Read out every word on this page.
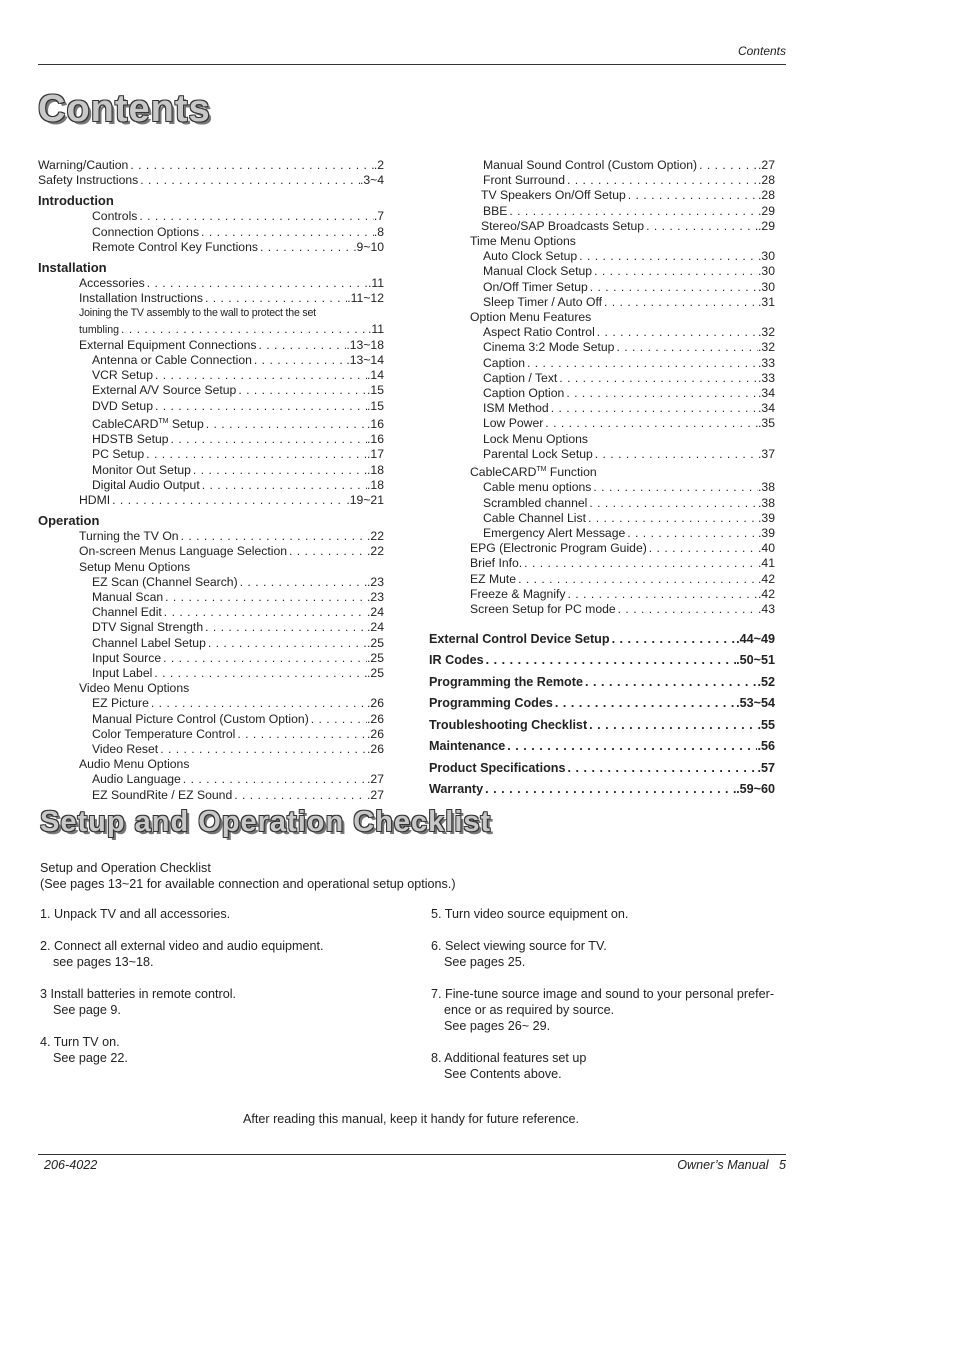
Contents
Contents
Warning/Caution . . .	.2
Safety Instructions . . .	.3~4
Introduction
Controls . . .	.7
Connection Options . . .	.8
Remote Control Key Functions . . .	9~10
Installation
Accessories . . .	.11
Installation Instructions . . .	.11~12
Joining the TV assembly to the wall to protect the set
tumbling . . .	.11
External Equipment Connections . . .	.13~18
Antenna or Cable Connection . . .	.13~14
VCR Setup . . .	.14
External A/V Source Setup . . .	.15
DVD Setup . . .	.15
CableCARD™ Setup . . .	.16
HDSTB Setup . . .	.16
PC Setup . . .	.17
Monitor Out Setup . . .	.18
Digital Audio Output . . .	.18
HDMI . . .	.19~21
Operation
Turning the TV On . . .	.22
On-screen Menus Language Selection . . .	.22
Setup Menu Options
EZ Scan (Channel Search) . . .	.23
Manual Scan . . .	.23
Channel Edit . . .	.24
DTV Signal Strength . . .	.24
Channel Label Setup . . .	.25
Input Source . . .	.25
Input Label . . .	.25
Video Menu Options
EZ Picture . . .	.26
Manual Picture Control (Custom Option) . . .	.26
Color Temperature Control . . .	.26
Video Reset . . .	.26
Audio Menu Options
Audio Language . . .	.27
EZ SoundRite / EZ Sound . . .	.27
Manual Sound Control (Custom Option) . . .	.27
Front Surround . . .	.28
TV Speakers On/Off Setup . . .	.28
BBE . . .	.29
Stereo/SAP Broadcasts Setup . . .	.29
Time Menu Options
Auto Clock Setup . . .	.30
Manual Clock Setup . . .	.30
On/Off Timer Setup . . .	.30
Sleep Timer / Auto Off . . .	.31
Option Menu Features
Aspect Ratio Control . . .	.32
Cinema 3:2 Mode Setup . . .	.32
Caption . . .	.33
Caption / Text . . .	.33
Caption Option . . .	.34
ISM Method . . .	.34
Low Power . . .	.35
Lock Menu Options
Parental Lock Setup . . .	.37
CableCARD™ Function
Cable menu options . . .	.38
Scrambled channel . . .	.38
Cable Channel List . . .	.39
Emergency Alert Message . . .	.39
EPG (Electronic Program Guide) . . .	.40
Brief Info. . . .	.41
EZ Mute . . .	.42
Freeze & Magnify . . .	.42
Screen Setup for PC mode . . .	.43
External Control Device Setup . . .	.44~49
IR Codes . . .	.50~51
Programming the Remote . . .	.52
Programming Codes . . .	.53~54
Troubleshooting Checklist . . .	.55
Maintenance . . .	.56
Product Specifications . . .	.57
Warranty . . .	.59~60
Setup and Operation Checklist
Setup and Operation Checklist
(See pages 13~21 for available connection and operational setup options.)
1. Unpack TV and all accessories.
2. Connect all external video and audio equipment.
see pages 13~18.
3 Install batteries in remote control.
See page 9.
4. Turn TV on.
See page 22.
5. Turn video source equipment on.
6. Select viewing source for TV.
See pages 25.
7. Fine-tune source image and sound to your personal prefer-
ence or as required by source.
See pages 26~ 29.
8. Additional features set up
See Contents above.
After reading this manual, keep it handy for future reference.
206-4022	Owner’s Manual   5
